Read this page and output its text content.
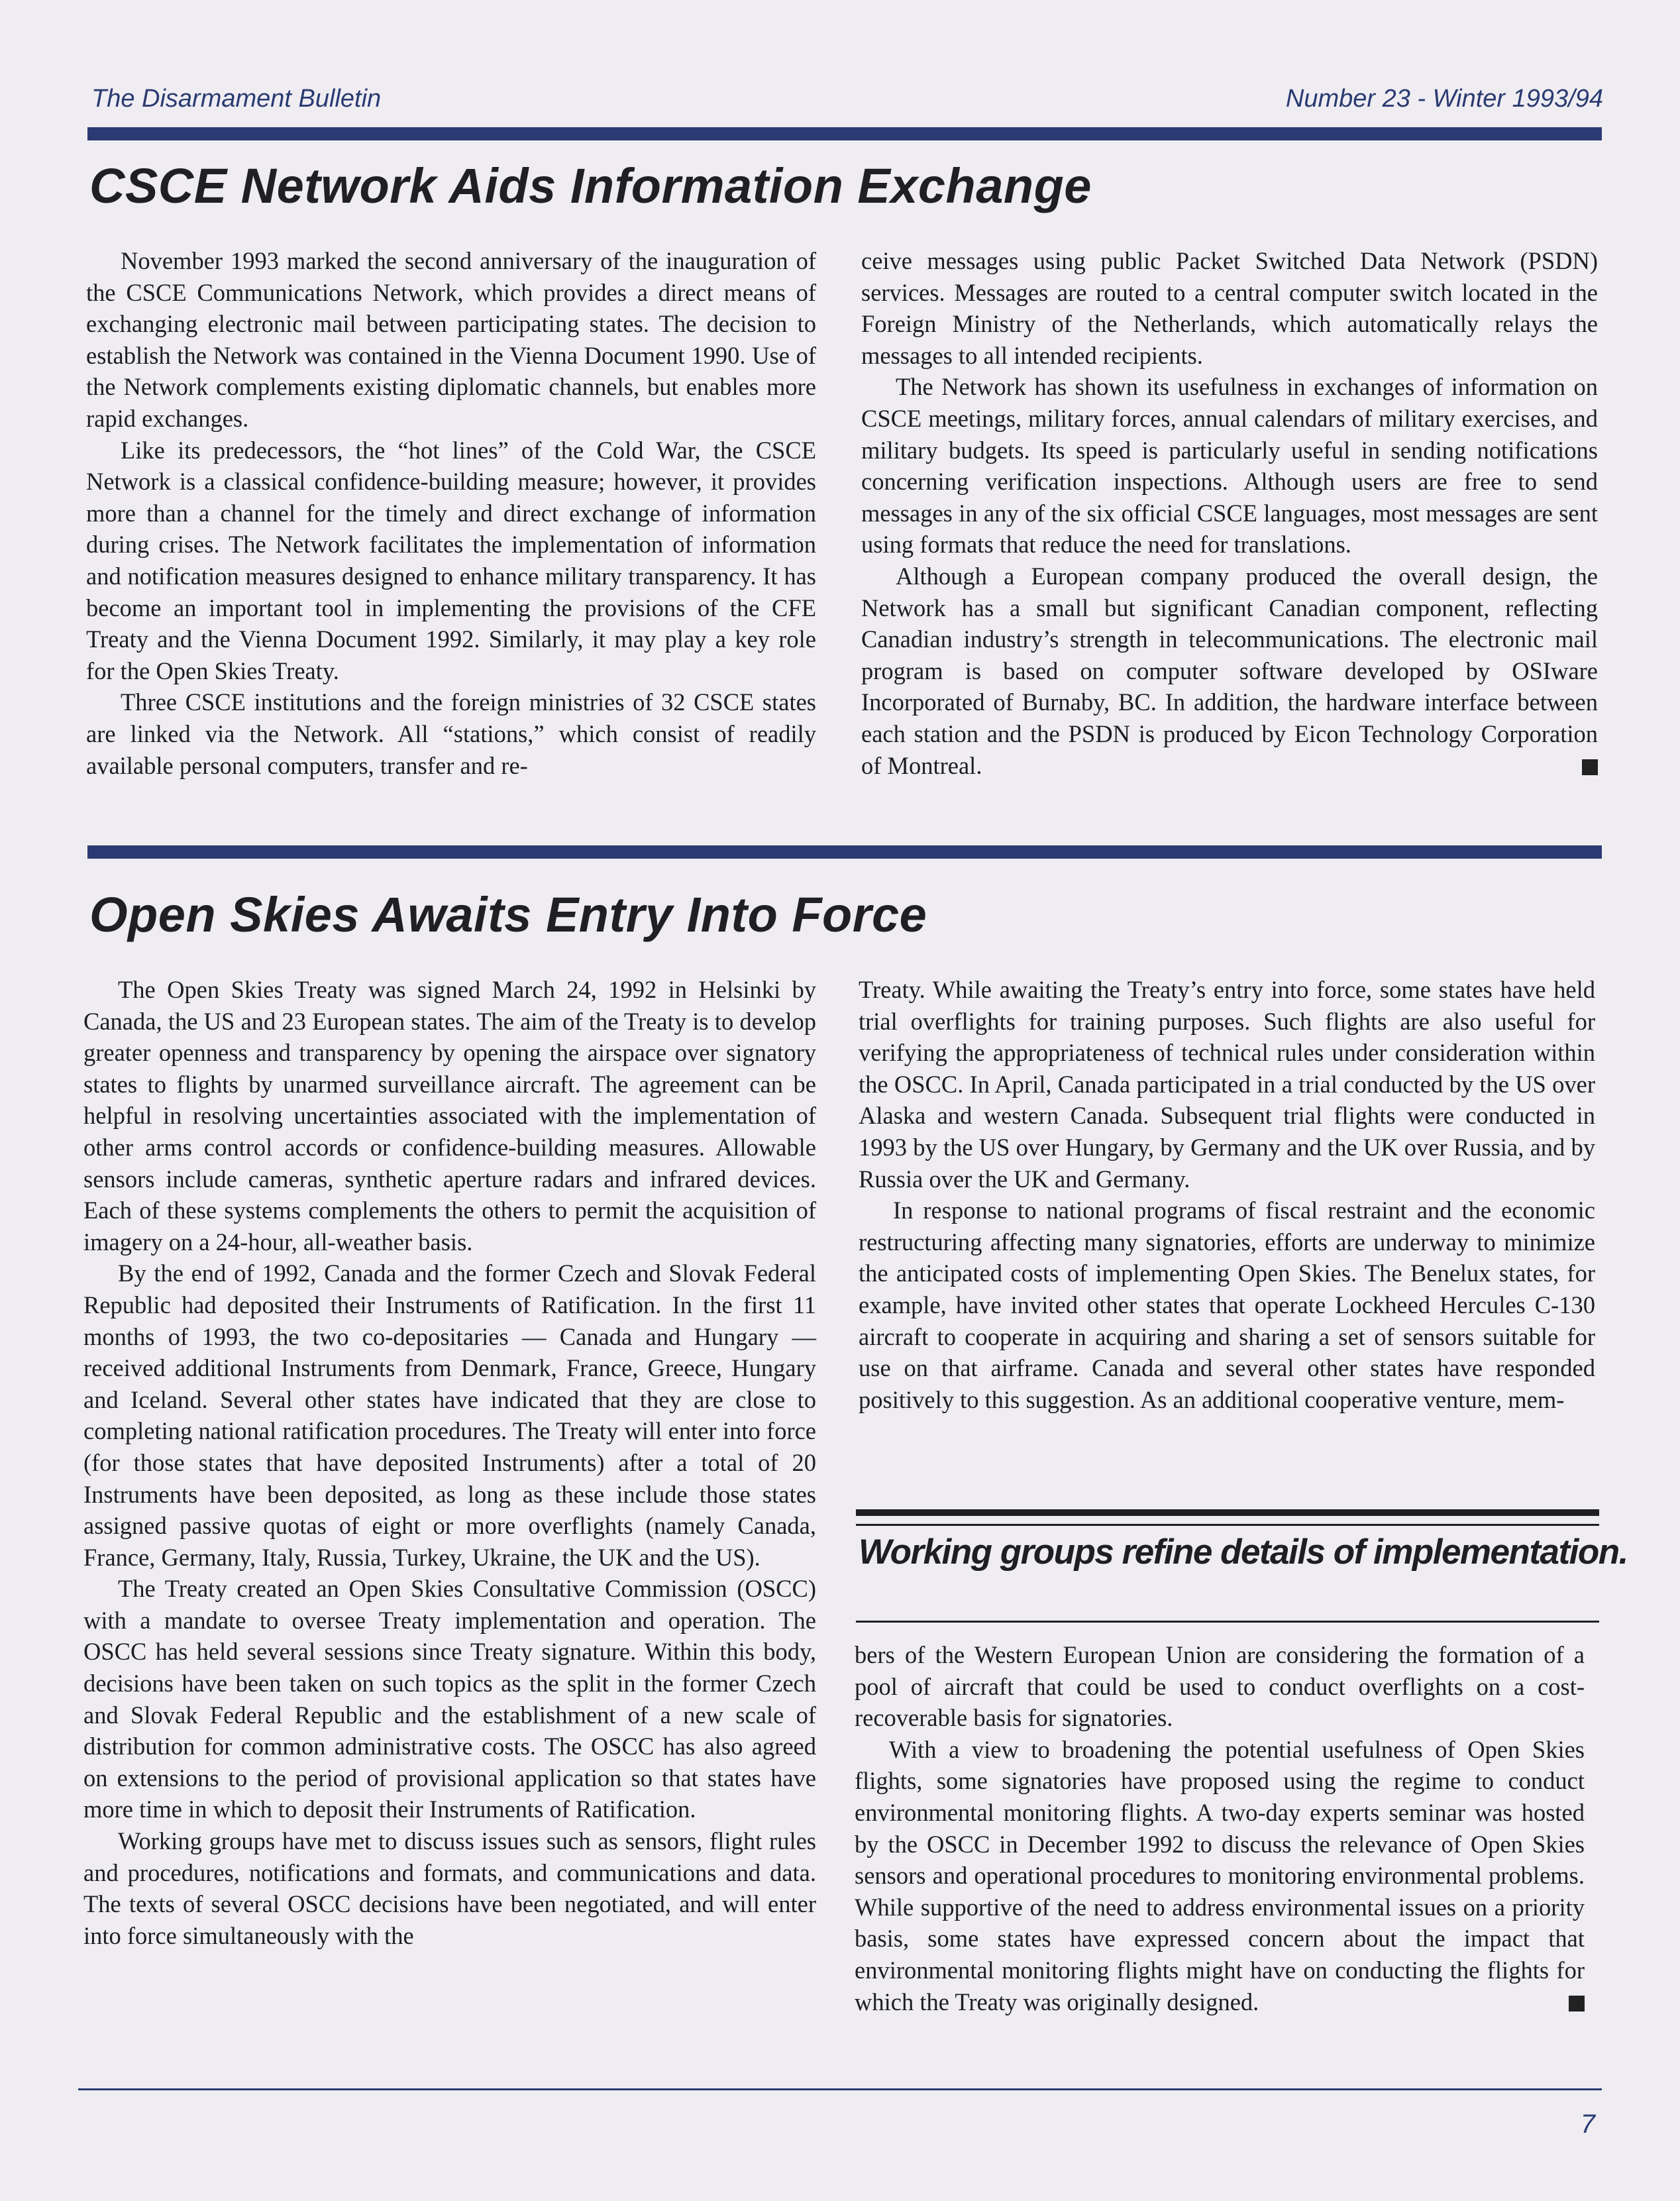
The Disarmament Bulletin	Number 23 - Winter 1993/94
CSCE Network Aids Information Exchange

November 1993 marked the second anniversary of the inauguration of the CSCE Communications Network, which provides a direct means of exchanging electronic mail between participating states. The decision to establish the Network was contained in the Vienna Document 1990. Use of the Network complements existing diplomatic channels, but enables more rapid exchanges.

Like its predecessors, the “hot lines” of the Cold War, the CSCE Network is a classical confidence-building measure; however, it provides more than a channel for the timely and direct exchange of information during crises. The Network facilitates the implementation of information and notification measures designed to enhance military transparency. It has become an important tool in implementing the provisions of the CFE Treaty and the Vienna Document 1992. Similarly, it may play a key role for the Open Skies Treaty.

Three CSCE institutions and the foreign ministries of 32 CSCE states are linked via the Network. All “stations,” which consist of readily available personal computers, transfer and re-

ceive messages using public Packet Switched Data Network (PSDN) services. Messages are routed to a central computer switch located in the Foreign Ministry of the Netherlands, which automatically relays the messages to all intended recipients.

The Network has shown its usefulness in exchanges of information on CSCE meetings, military forces, annual calendars of military exercises, and military budgets. Its speed is particularly useful in sending notifications concerning verification inspections. Although users are free to send messages in any of the six official CSCE languages, most messages are sent using formats that reduce the need for translations.

Although a European company produced the overall design, the Network has a small but significant Canadian component, reflecting Canadian industry’s strength in telecommunications. The electronic mail program is based on computer software developed by OSIware Incorporated of Burnaby, BC. In addition, the hardware interface between each station and the PSDN is produced by Eicon Technology Corporation of Montreal.

Open Skies Awaits Entry Into Force

The Open Skies Treaty was signed March 24, 1992 in Helsinki by Canada, the US and 23 European states. The aim of the Treaty is to develop greater openness and transparency by opening the airspace over signatory states to flights by unarmed surveillance aircraft. The agreement can be helpful in resolving uncertainties associated with the implementation of other arms control accords or confidence-building measures. Allowable sensors include cameras, synthetic aperture radars and infrared devices. Each of these systems complements the others to permit the acquisition of imagery on a 24-hour, all-weather basis.

By the end of 1992, Canada and the former Czech and Slovak Federal Republic had deposited their Instruments of Ratification. In the first 11 months of 1993, the two co-depositaries — Canada and Hungary — received additional Instruments from Denmark, France, Greece, Hungary and Iceland. Several other states have indicated that they are close to completing national ratification procedures. The Treaty will enter into force (for those states that have deposited Instruments) after a total of 20 Instruments have been deposited, as long as these include those states assigned passive quotas of eight or more overflights (namely Canada, France, Germany, Italy, Russia, Turkey, Ukraine, the UK and the US).

The Treaty created an Open Skies Consultative Commission (OSCC) with a mandate to oversee Treaty implementation and operation. The OSCC has held several sessions since Treaty signature. Within this body, decisions have been taken on such topics as the split in the former Czech and Slovak Federal Republic and the establishment of a new scale of distribution for common administrative costs. The OSCC has also agreed on extensions to the period of provisional application so that states have more time in which to deposit their Instruments of Ratification.

Working groups have met to discuss issues such as sensors, flight rules and procedures, notifications and formats, and communications and data. The texts of several OSCC decisions have been negotiated, and will enter into force simultaneously with the

Treaty. While awaiting the Treaty’s entry into force, some states have held trial overflights for training purposes. Such flights are also useful for verifying the appropriateness of technical rules under consideration within the OSCC. In April, Canada participated in a trial conducted by the US over Alaska and western Canada. Subsequent trial flights were conducted in 1993 by the US over Hungary, by Germany and the UK over Russia, and by Russia over the UK and Germany.

In response to national programs of fiscal restraint and the economic restructuring affecting many signatories, efforts are underway to minimize the anticipated costs of implementing Open Skies. The Benelux states, for example, have invited other states that operate Lockheed Hercules C-130 aircraft to cooperate in acquiring and sharing a set of sensors suitable for use on that airframe. Canada and several other states have responded positively to this suggestion. As an additional cooperative venture, mem-

Working groups refine details of implementation.

bers of the Western European Union are considering the formation of a pool of aircraft that could be used to conduct overflights on a cost-recoverable basis for signatories.

With a view to broadening the potential usefulness of Open Skies flights, some signatories have proposed using the regime to conduct environmental monitoring flights. A two-day experts seminar was hosted by the OSCC in December 1992 to discuss the relevance of Open Skies sensors and operational procedures to monitoring environmental problems. While supportive of the need to address environmental issues on a priority basis, some states have expressed concern about the impact that environmental monitoring flights might have on conducting the flights for which the Treaty was originally designed.

7
